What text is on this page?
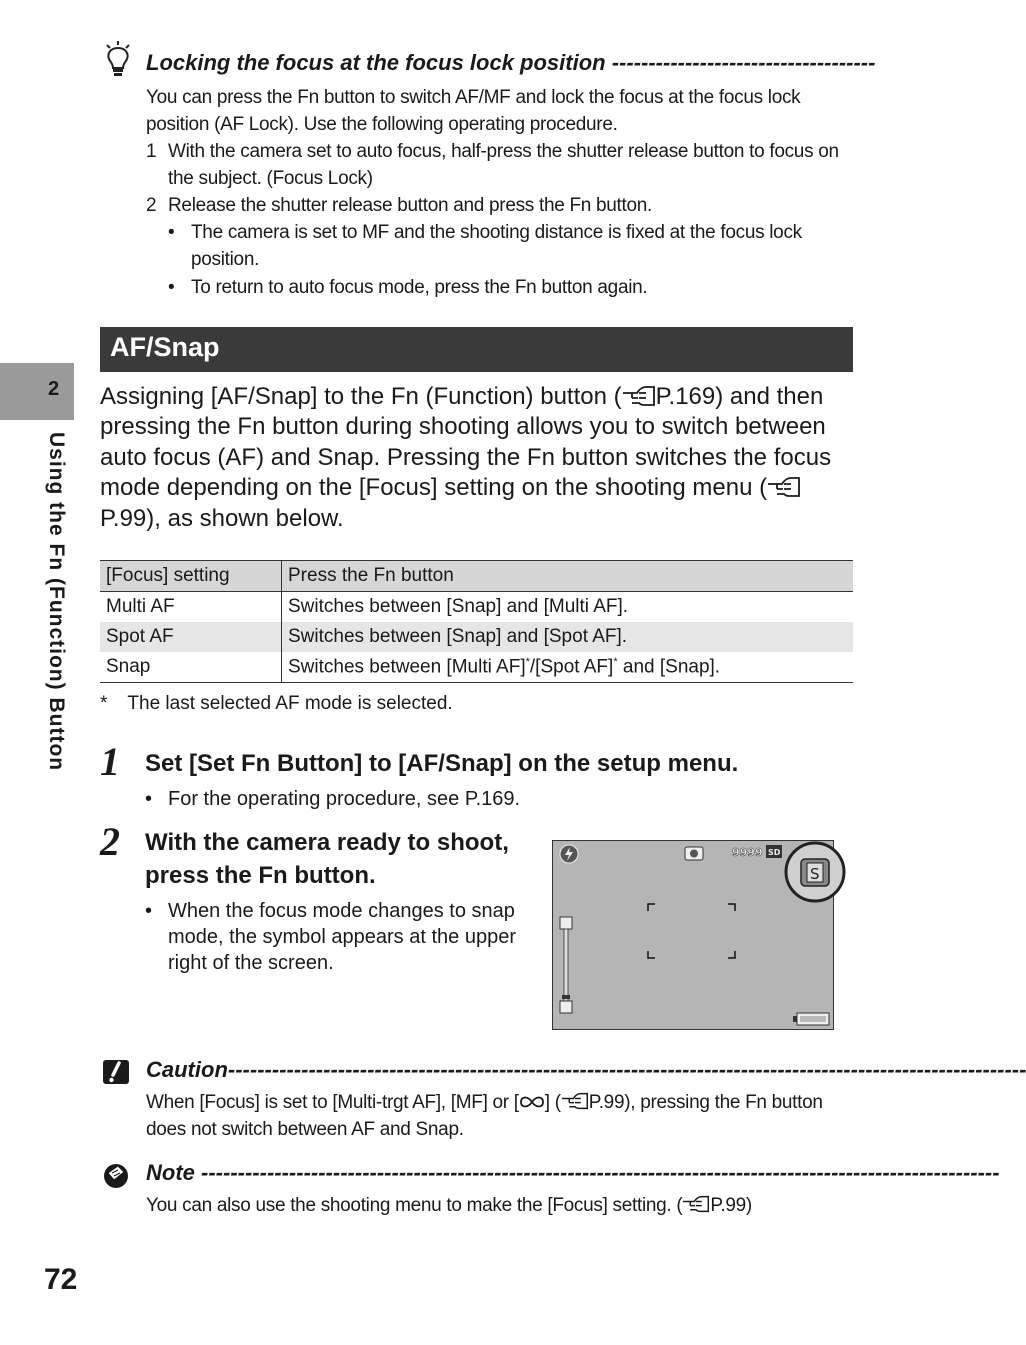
Locking the focus at the focus lock position ------------------------------------
You can press the Fn button to switch AF/MF and lock the focus at the focus lock position (AF Lock). Use the following operating procedure.
1 With the camera set to auto focus, half-press the shutter release button to focus on the subject. (Focus Lock)
2 Release the shutter release button and press the Fn button.
• The camera is set to MF and the shooting distance is fixed at the focus lock position.
• To return to auto focus mode, press the Fn button again.
2
Using the Fn (Function) Button
AF/Snap
Assigning [AF/Snap] to the Fn (Function) button ( P.169) and then pressing the Fn button during shooting allows you to switch between auto focus (AF) and Snap. Pressing the Fn button switches the focus mode depending on the [Focus] setting on the shooting menu (P.99), as shown below.
[Focus] setting	Press the Fn button
Multi AF	Switches between [Snap] and [Multi AF].
Spot AF	Switches between [Snap] and [Spot AF].
Snap	Switches between [Multi AF]*/[Spot AF]* and [Snap].
* The last selected AF mode is selected.
1 Set [Set Fn Button] to [AF/Snap] on the setup menu.
• For the operating procedure, see P.169.
2 With the camera ready to shoot, press the Fn button.
• When the focus mode changes to snap mode, the symbol appears at the upper right of the screen.
9999 SD
S
Caution-------------------------------------------------------------------------------------------------------------
When [Focus] is set to [Multi-trgt AF], [MF] or [ ] ( P.99), pressing the Fn button does not switch between AF and Snap.
Note -------------------------------------------------------------------------------------------------------------
You can also use the shooting menu to make the [Focus] setting. ( P.99)
72
